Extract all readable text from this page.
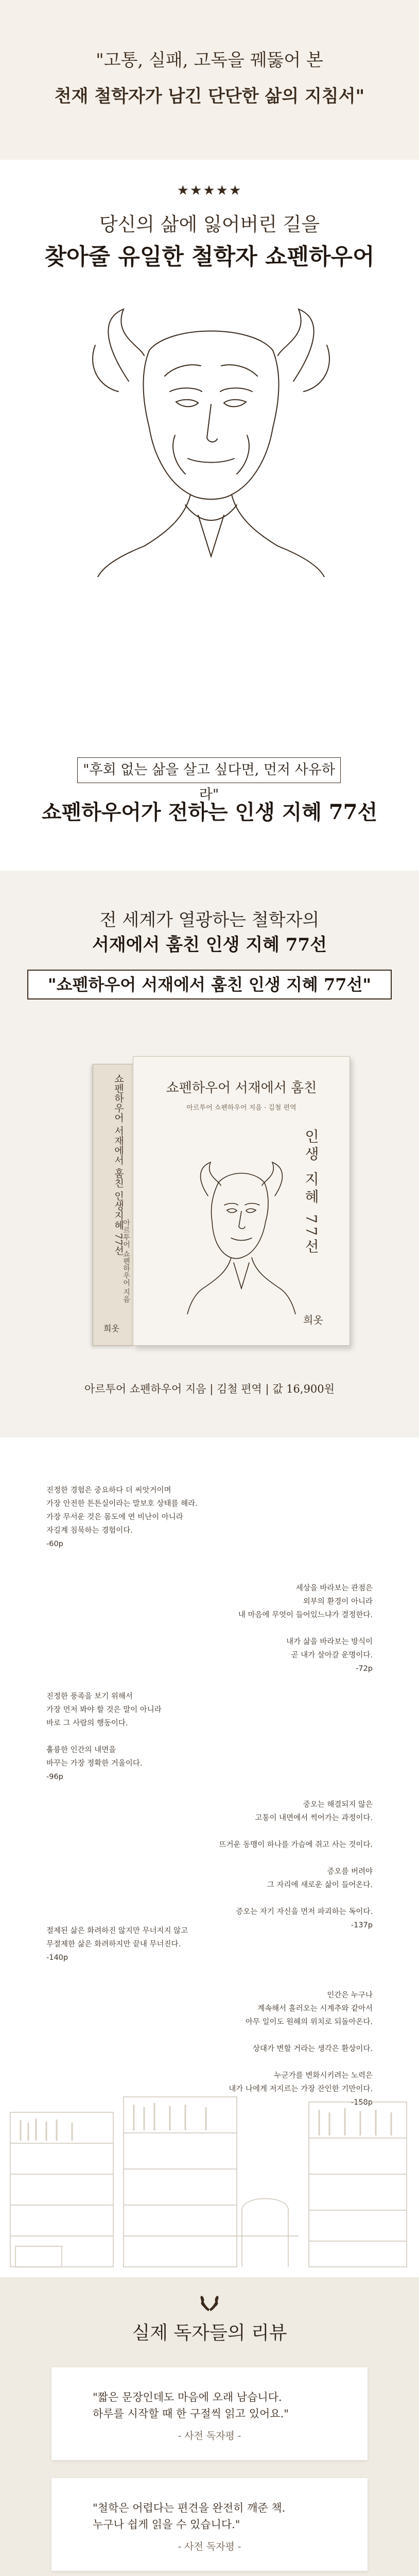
"고통, 실패, 고독을 꿰뚫어 본
천재 철학자가 남긴 단단한 삶의 지침서"
★★★★★
당신의 삶에 잃어버린 길을
찾아줄 유일한 철학자 쇼펜하우어
"후회 없는 삶을 살고 싶다면, 먼저 사유하라"
쇼펜하우어가 전하는 인생 지혜 77선
전 세계가 열광하는 철학자의
서재에서 훔친 인생 지혜 77선
"쇼펜하우어 서재에서 훔친 인생 지혜 77선"
쇼펜하우어 서재에서 훔친 인생지혜 77선
아르투어 쇼펜하우어 지음
희옷
쇼펜하우어 서재에서 훔친
아르투어 쇼펜하우어 지음 · 김철 편역
인생 지혜 77선
희옷
아르투어 쇼펜하우어 지음 | 김철 편역 | 값 16,900원
진정한 경험은 중요하다 더 씨앗거이며
가장 안전한 튼튼실이라는 말보호 상태를 해라.
가장 무서운 것은 몸도에 연 비난이 아니라
자길계 침묵하는 경험이다.
-60p
세상을 바라보는 관점은
외부의 환경이 아니라
내 마음에 무엇이 들어있느냐가 결정한다.

내가 삶을 바라보는 방식이
곧 내가 살아갈 운명이다.
-72p
진정한 풍족을 보기 위해서
가장 먼저 봐야 할 것은 말이 아니라
바로 그 사람의 행동이다.

훌륭한 인간의 내면을
바꾸는 가장 정확한 거울이다.
-96p
중오는 해결되지 않은
고통이 내면에서 썩어가는 과정이다.

뜨거운 동맹이 하나를 가슴에 쥐고 사는 것이다.

증오를 버려야
그 자리에 새로운 삶이 들어온다.

증오는 자기 자신을 먼저 파괴하는 독이다.
-137p
절제된 삶은 화려하진 않지만 무너지지 않고
무절제한 삶은 화려하지만 끝내 무너진다.
-140p
인간은 누구나
계속해서 흘러오는 시계추와 같아서
아무 일이도 원해의 위치로 되돌아온다.

상대가 변할 거라는 생각은 환상이다.

누군가를 변화시키려는 노력은
내가 나에게 저지르는 가장 잔인한 기만이다.
-158p
실제 독자들의 리뷰
"짧은 문장인데도 마음에 오래 남습니다.
하루를 시작할 때 한 구절씩 읽고 있어요."
- 사전 독자평 -
"철학은 어렵다는 편견을 완전히 깨준 책.
누구나 쉽게 읽을 수 있습니다."
- 사전 독자평 -
